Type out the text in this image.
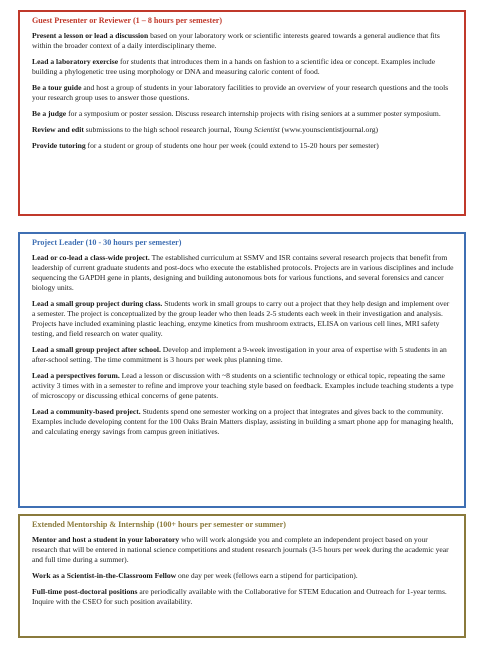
Guest Presenter or Reviewer (1 – 8 hours per semester)

Present a lesson or lead a discussion based on your laboratory work or scientific interests geared towards a general audience that fits within the broader context of a daily interdisciplinary theme.

Lead a laboratory exercise for students that introduces them in a hands on fashion to a scientific idea or concept. Examples include building a phylogenetic tree using morphology or DNA and measuring caloric content of food.

Be a tour guide and host a group of students in your laboratory facilities to provide an overview of your research questions and the tools your research group uses to answer those questions.

Be a judge for a symposium or poster session. Discuss research internship projects with rising seniors at a summer poster symposium.

Review and edit submissions to the high school research journal, Young Scientist (www.younscientistjournal.org)

Provide tutoring for a student or group of students one hour per week (could extend to 15-20 hours per semester)

Project Leader (10 - 30 hours per semester)

Lead or co-lead a class-wide project. The established curriculum at SSMV and ISR contains several research projects that benefit from leadership of current graduate students and post-docs who execute the established protocols. Projects are in various disciplines and include sequencing the GAPDH gene in plants, designing and building autonomous bots for various functions, and several forensics and cancer biology units.

Lead a small group project during class. Students work in small groups to carry out a project that they help design and implement over a semester. The project is conceptualized by the group leader who then leads 2-5 students each week in their investigation and analysis. Projects have included examining plastic leaching, enzyme kinetics from mushroom extracts, ELISA on various cell lines, MRI safety testing, and field research on water quality.

Lead a small group project after school. Develop and implement a 9-week investigation in your area of expertise with 5 students in an after-school setting. The time commitment is 3 hours per week plus planning time.

Lead a perspectives forum. Lead a lesson or discussion with ~8 students on a scientific technology or ethical topic, repeating the same activity 3 times with in a semester to refine and improve your teaching style based on feedback. Examples include teaching students a type of microscopy or discussing ethical concerns of gene patents.

Lead a community-based project. Students spend one semester working on a project that integrates and gives back to the community. Examples include developing content for the 100 Oaks Brain Matters display, assisting in building a smart phone app for managing health, and calculating energy savings from campus green initiatives.

Extended Mentorship & Internship (100+ hours per semester or summer)

Mentor and host a student in your laboratory who will work alongside you and complete an independent project based on your research that will be entered in national science competitions and student research journals (3-5 hours per week during the academic year and full time during a summer).

Work as a Scientist-in-the-Classroom Fellow one day per week (fellows earn a stipend for participation).

Full-time post-doctoral positions are periodically available with the Collaborative for STEM Education and Outreach for 1-year terms. Inquire with the CSEO for such position availability.
